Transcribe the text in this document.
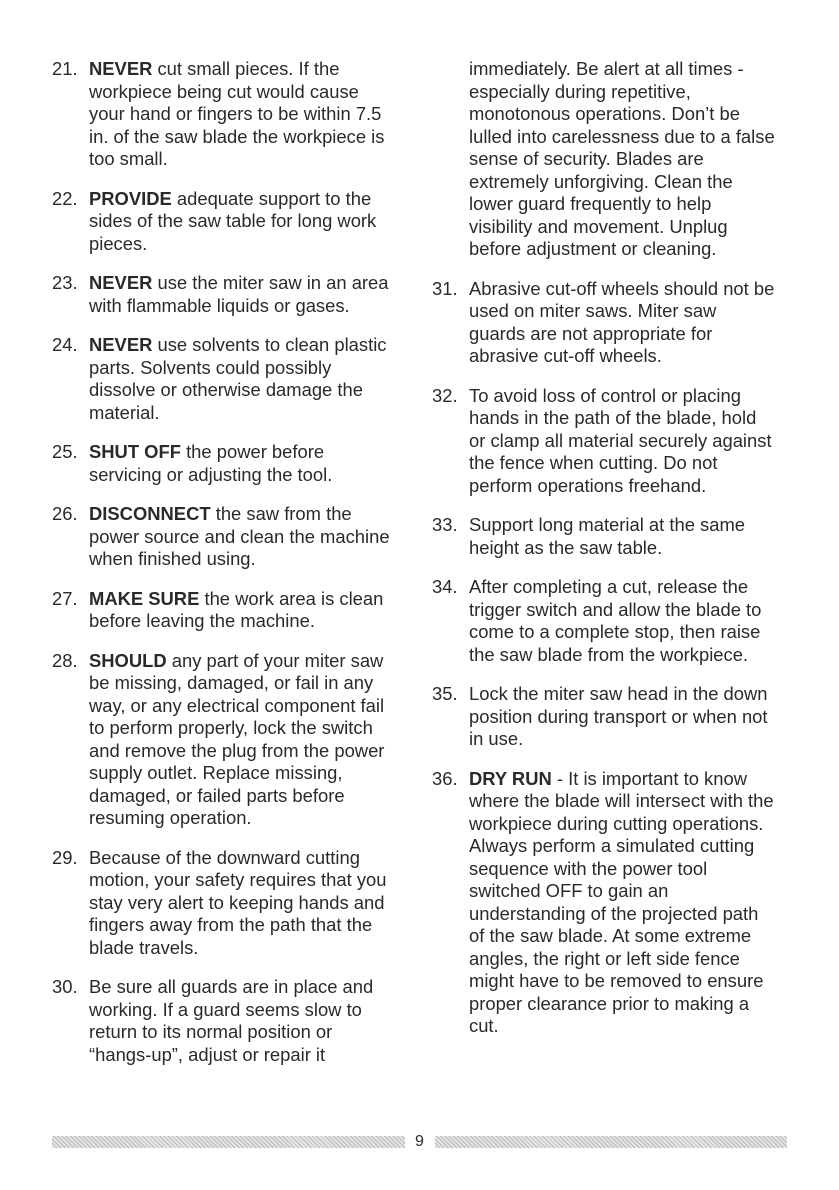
21. NEVER cut small pieces. If the workpiece being cut would cause your hand or fingers to be within 7.5 in. of the saw blade the workpiece is too small.
22. PROVIDE adequate support to the sides of the saw table for long work pieces.
23. NEVER use the miter saw in an area with flammable liquids or gases.
24. NEVER use solvents to clean plastic parts. Solvents could possibly dissolve or otherwise damage the material.
25. SHUT OFF the power before servicing or adjusting the tool.
26. DISCONNECT the saw from the power source and clean the machine when finished using.
27. MAKE SURE the work area is clean before leaving the machine.
28. SHOULD any part of your miter saw be missing, damaged, or fail in any way, or any electrical component fail to perform properly, lock the switch and remove the plug from the power supply outlet. Replace missing, damaged, or failed parts before resuming operation.
29. Because of the downward cutting motion, your safety requires that you stay very alert to keeping hands and fingers away from the path that the blade travels.
30. Be sure all guards are in place and working. If a guard seems slow to return to its normal position or “hangs-up”, adjust or repair it
immediately. Be alert at all times - especially during repetitive, monotonous operations. Don’t be lulled into carelessness due to a false sense of security. Blades are extremely unforgiving. Clean the lower guard frequently to help visibility and movement. Unplug before adjustment or cleaning.
31. Abrasive cut-off wheels should not be used on miter saws. Miter saw guards are not appropriate for abrasive cut-off wheels.
32. To avoid loss of control or placing hands in the path of the blade, hold or clamp all material securely against the fence when cutting. Do not perform operations freehand.
33. Support long material at the same height as the saw table.
34. After completing a cut, release the trigger switch and allow the blade to come to a complete stop, then raise the saw blade from the workpiece.
35. Lock the miter saw head in the down position during transport or when not in use.
36. DRY RUN - It is important to know where the blade will intersect with the workpiece during cutting operations. Always perform a simulated cutting sequence with the power tool switched OFF to gain an understanding of the projected path of the saw blade. At some extreme angles, the right or left side fence might have to be removed to ensure proper clearance prior to making a cut.
9
